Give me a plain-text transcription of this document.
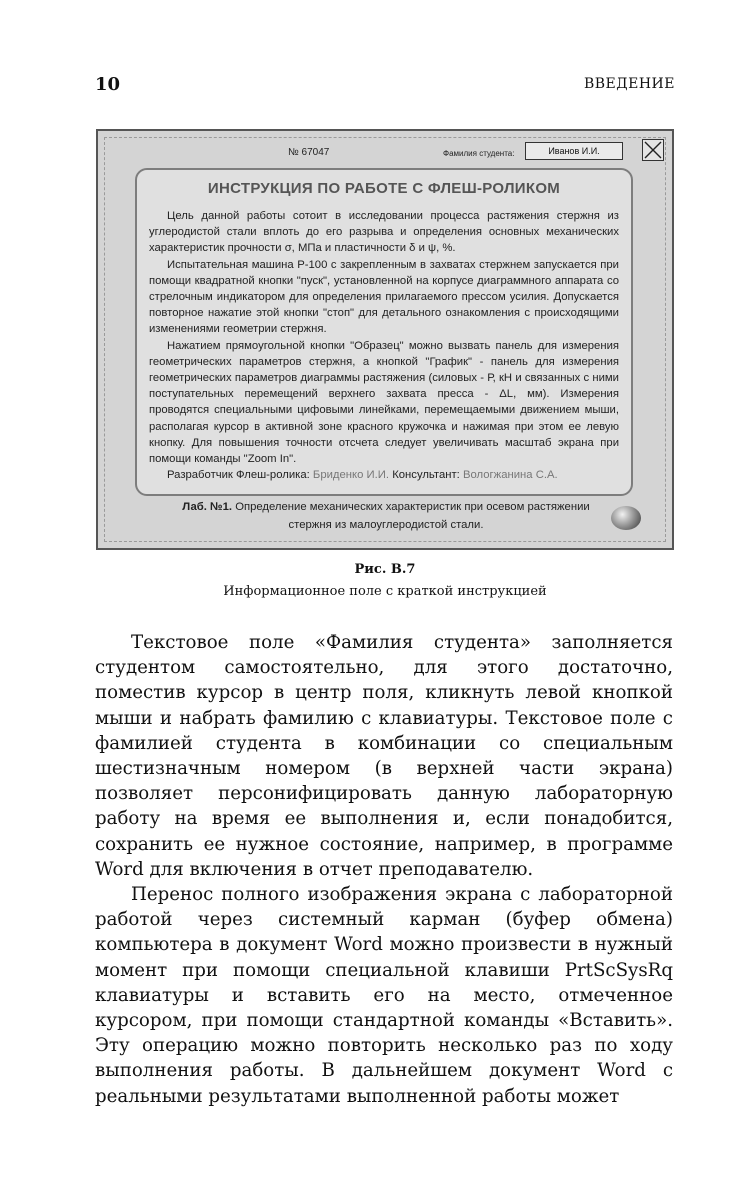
10	ВВЕДЕНИЕ
№ 67047	Фамилия студента:	Иванов И.И.
ИНСТРУКЦИЯ ПО РАБОТЕ С ФЛЕШ-РОЛИКОМ

Цель данной работы сотоит в исследовании процесса растяжения стержня из углеродистой стали вплоть до его разрыва и определения основных механических характеристик прочности σ, МПа и пластичности δ и ψ, %.

Испытательная машина Р-100 с закрепленным в захватах стержнем запускается при помощи квадратной кнопки "пуск", установленной на корпусе диаграммного аппарата со стрелочным индикатором для определения прилагаемого прессом усилия. Допускается повторное нажатие этой кнопки "стоп" для детального ознакомления с происходящими изменениями геометрии стержня.

Нажатием прямоугольной кнопки "Образец" можно вызвать панель для измерения геометрических параметров стержня, а кнопкой "График" - панель для измерения геометрических параметров диаграммы растяжения (силовых - Р, кН и связанных с ними поступательных перемещений верхнего захвата пресса - ΔL, мм). Измерения проводятся специальными цифовыми линейками, перемещаемыми движением мыши, располагая курсор в активной зоне красного кружочка и нажимая при этом ее левую кнопку. Для повышения точности отсчета следует увеличивать масштаб экрана при помощи команды "Zoom In".

Разработчик Флеш-ролика: Бриденко И.И. Консультант: Вологжанина С.А.
Лаб. №1. Определение механических характеристик при осевом растяжении стержня из малоуглеродистой стали.
Рис. В.7
Информационное поле с краткой инструкцией

Текстовое поле «Фамилия студента» заполняется студентом самостоятельно, для этого достаточно, поместив курсор в центр поля, кликнуть левой кнопкой мыши и набрать фамилию с клавиатуры. Текстовое поле с фамилией студента в комбинации со специальным шестизначным номером (в верхней части экрана) позволяет персонифицировать данную лабораторную работу на время ее выполнения и, если понадобится, сохранить ее нужное состояние, например, в программе Word для включения в отчет преподавателю.

Перенос полного изображения экрана с лабораторной работой через системный карман (буфер обмена) компьютера в документ Word можно произвести в нужный момент при помощи специальной клавиши PrtScSysRq клавиатуры и вставить его на место, отмеченное курсором, при помощи стандартной команды «Вставить». Эту операцию можно повторить несколько раз по ходу выполнения работы. В дальнейшем документ Word с реальными результатами выполненной работы может
